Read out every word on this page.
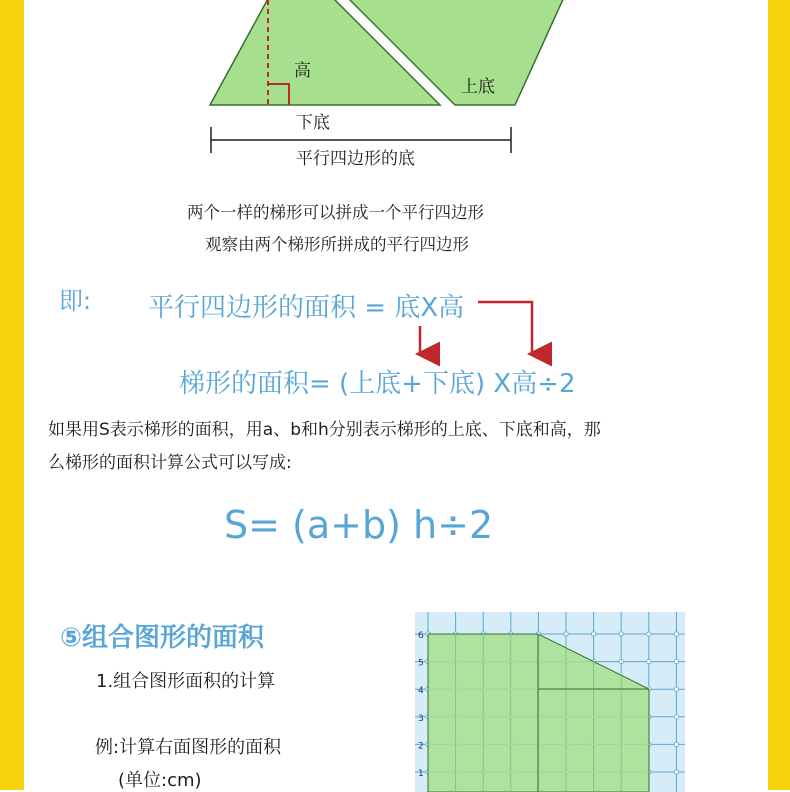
高
上底
下底
平行四边形的底
两个一样的梯形可以拼成一个平行四边形
观察由两个梯形所拼成的平行四边形
即: 平行四边形的面积 = 底X高
梯形的面积= (上底+下底) X高÷2
如果用S表示梯形的面积，用a、b和h分别表示梯形的上底、下底和高，那
么梯形的面积计算公式可以写成:
S= (a+b) h÷2
⑤组合图形的面积
1.组合图形面积的计算
例:计算右面图形的面积
(单位:cm)
6
5
4
3
2
1
